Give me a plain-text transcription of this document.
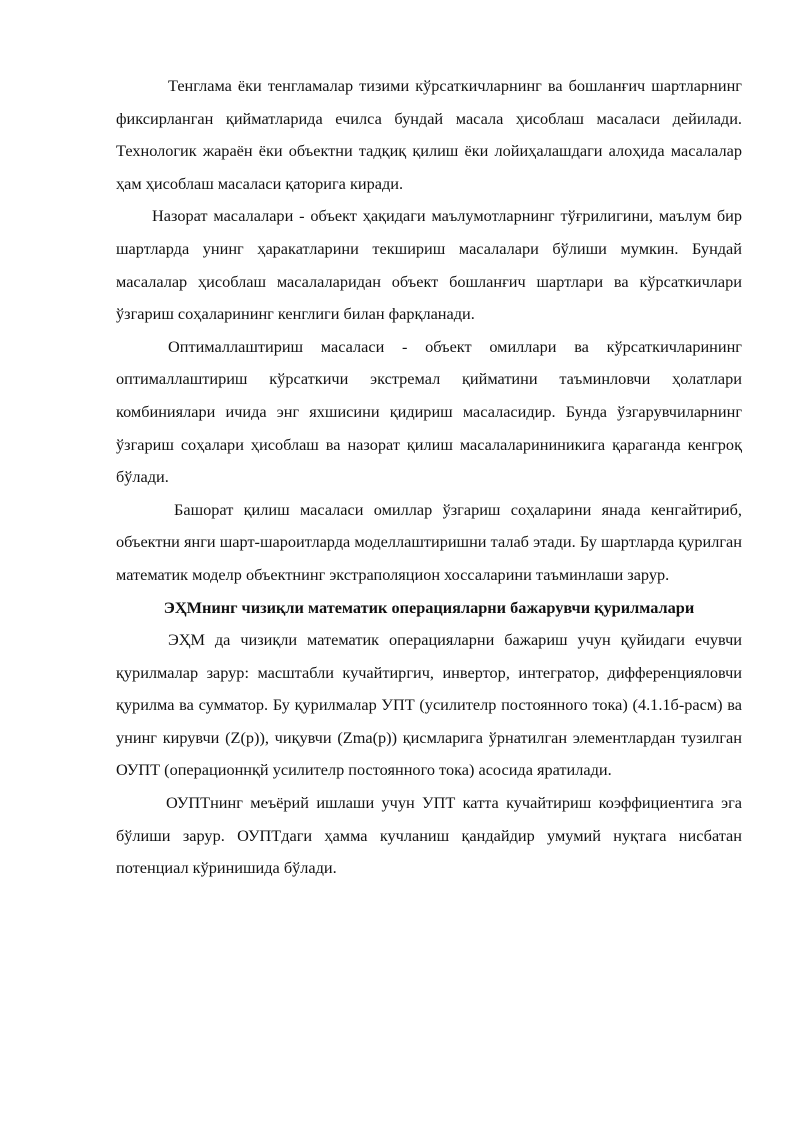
Тенглама ёки тенгламалар тизими кўрсаткичларнинг ва бошланғич шартларнинг фиксирланган қийматларида ечилса бундай масала ҳисоблаш масаласи дейилади. Технологик жараён ёки объектни тадқиқ қилиш ёки лойиҳалашдаги алоҳида масалалар ҳам ҳисоблаш масаласи қаторига киради.

Назорат масалалари - объект ҳақидаги маълумотларнинг тўғрилигини, маълум бир шартларда унинг ҳаракатларини текшириш масалалари бўлиши мумкин. Бундай масалалар ҳисоблаш масалаларидан объект бошланғич шартлари ва кўрсаткичлари ўзгариш соҳаларининг кенглиги билан фарқланади.

Оптималлаштириш масаласи - объект омиллари ва кўрсаткичларининг оптималлаштириш кўрсаткичи экстремал қийматини таъминловчи ҳолатлари комбиниялари ичида энг яхшисини қидириш масаласидир. Бунда ўзгарувчиларнинг ўзгариш соҳалари ҳисоблаш ва назорат қилиш масалаларининикига қараганда кенгроқ бўлади.

Башорат қилиш масаласи омиллар ўзгариш соҳаларини янада кенгайтириб, объектни янги шарт-шароитларда моделлаштиришни талаб этади. Бу шартларда қурилган математик моделр объектнинг экстраполяцион хоссаларини таъминлаши зарур.

ЭҲМнинг чизиқли математик операцияларни бажарувчи қурилмалари

ЭҲМ да чизиқли математик операцияларни бажариш учун қуйидаги ечувчи қурилмалар зарур: масштабли кучайтиргич, инвертор, интегратор, дифференцияловчи қурилма ва сумматор. Бу қурилмалар УПТ (усилителр постоянного тока) (4.1.1б-расм) ва унинг кирувчи (Z(p)), чиқувчи (Zma(p)) қисмларига ўрнатилган элементлардан тузилган ОУПТ (операционнқй усилителр постоянного тока) асосида яратилади.

ОУПТнинг меъёрий ишлаши учун УПТ катта кучайтириш коэффициентига эга бўлиши зарур. ОУПТдаги ҳамма кучланиш қандайдир умумий нуқтага нисбатан потенциал кўринишида бўлади.
